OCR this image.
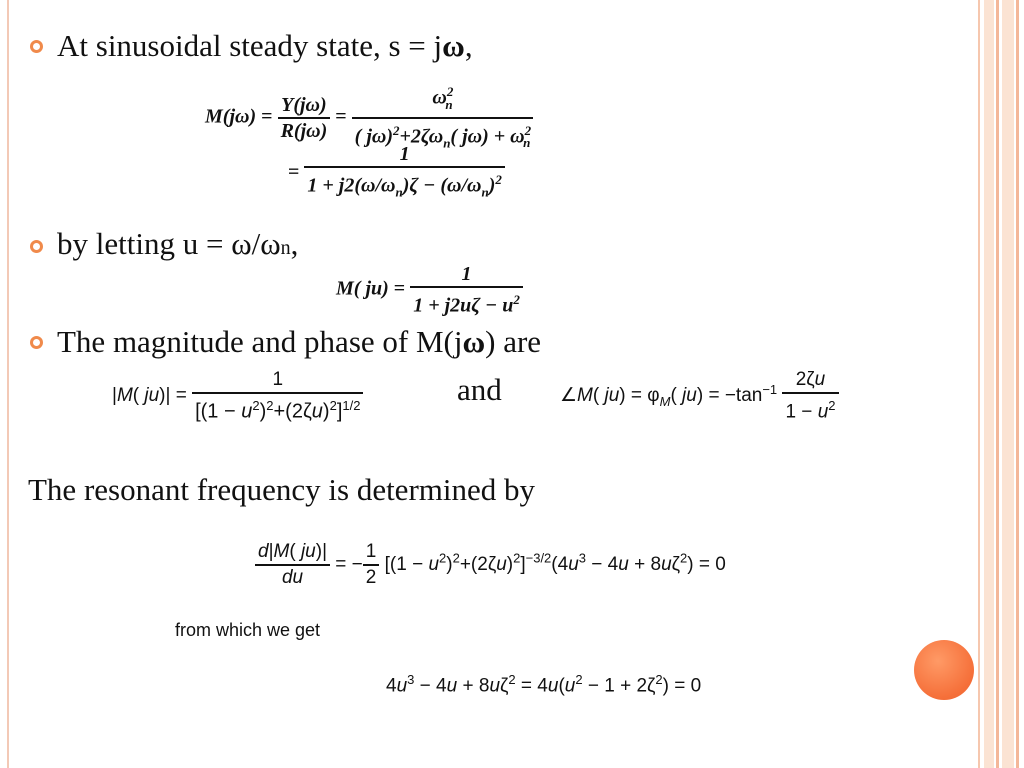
At sinusoidal steady state, s = jω,
$M(j\omega) = \frac{Y(j\omega)}{R(j\omega)} = \frac{\omega^2_n}{( j\omega)^2+2\zeta\omega_n( j\omega) + \omega^2_n}$
= $\frac{1}{1 + j2(\omega/\omega_n)\zeta - (\omega/\omega_n)^2}$
by letting u = ω/ωn,
M( $ju) = \frac{1}{1 + j2u\zeta - u^2}$
The magnitude and phase of M(jω) are
|M( $ju)| = \frac{1}{[(1 - u^2)^2+(2\zeta u)^2]^{1/2}}$	and	∠M( $ju) = \varphi_M$( $ju) = -\tan^{-1} \frac{2\zeta u}{1 - u^2}$
The resonant frequency is determined by
$\frac{d|M( ju)|}{du}$ = − $\frac{1}{2} [(1 - u^2)^2+(2\zeta u)^2]^{-3/2}(4u^3 - 4u + 8u\zeta^2) = 0$
from which we get
$4u^3 - 4u + 8u\zeta^2 = 4u(u^2 - 1 + 2\zeta^2) = 0$
